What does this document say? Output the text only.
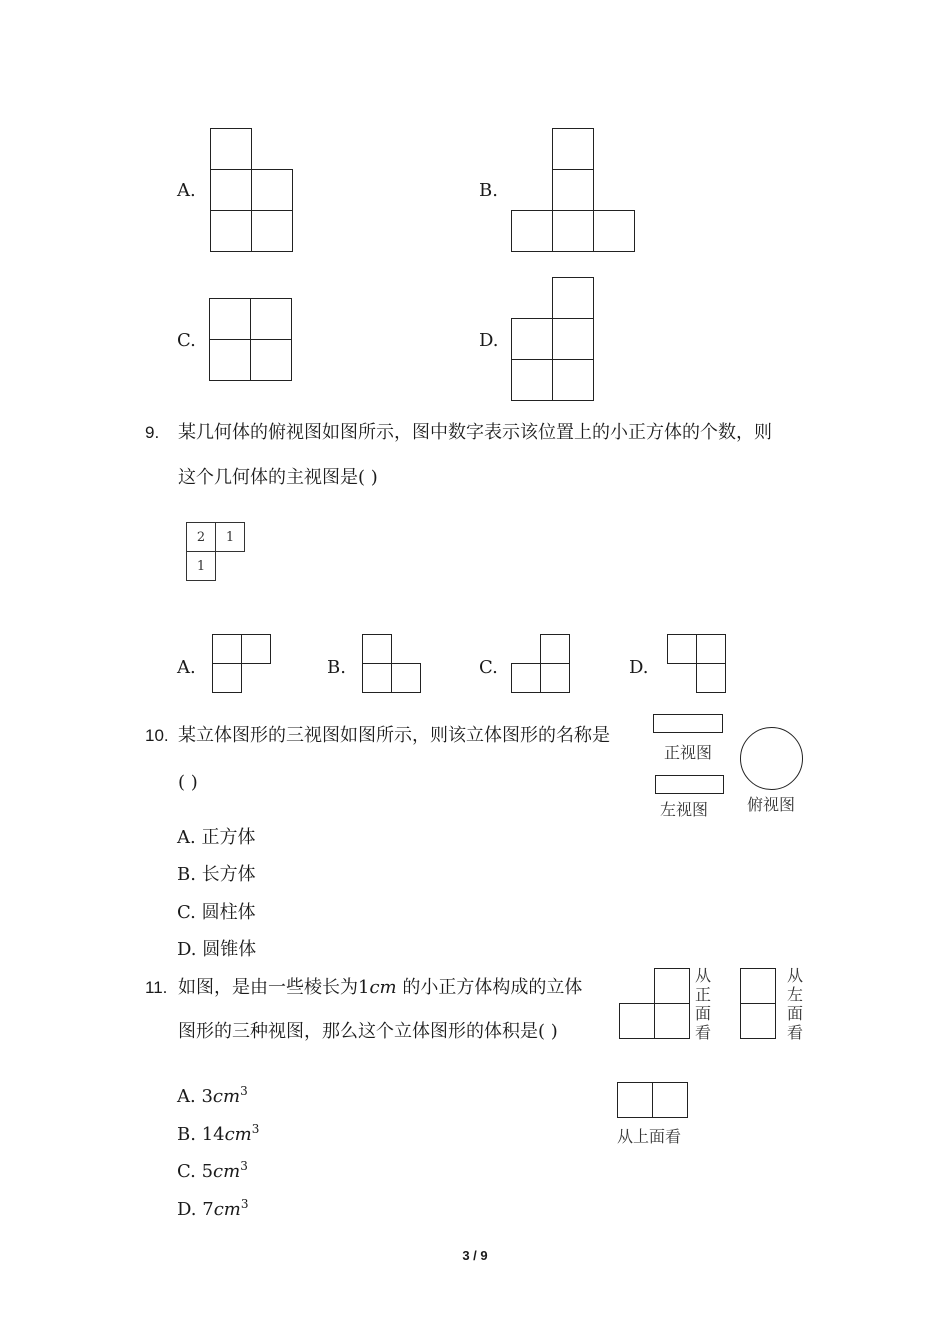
A.	B.
C.	D.
9. 某几何体的俯视图如图所示，图中数字表示该位置上的小正方体的个数，则
这个几何体的主视图是( )
2	1
1
A.	B.	C.	D.
10. 某立体图形的三视图如图所示，则该立体图形的名称是
( )
正视图
左视图 俯视图
A. 正方体
B. 长方体
C. 圆柱体
D. 圆锥体
11. 如图，是由一些棱长为1cm 的小正方体构成的立体
图形的三种视图，那么这个立体图形的体积是( )
从正面看
从左面看
从上面看
A. $3cm^3$
B. $14cm^3$
C. $5cm^3$
D. $7cm^3$
3 / 9
